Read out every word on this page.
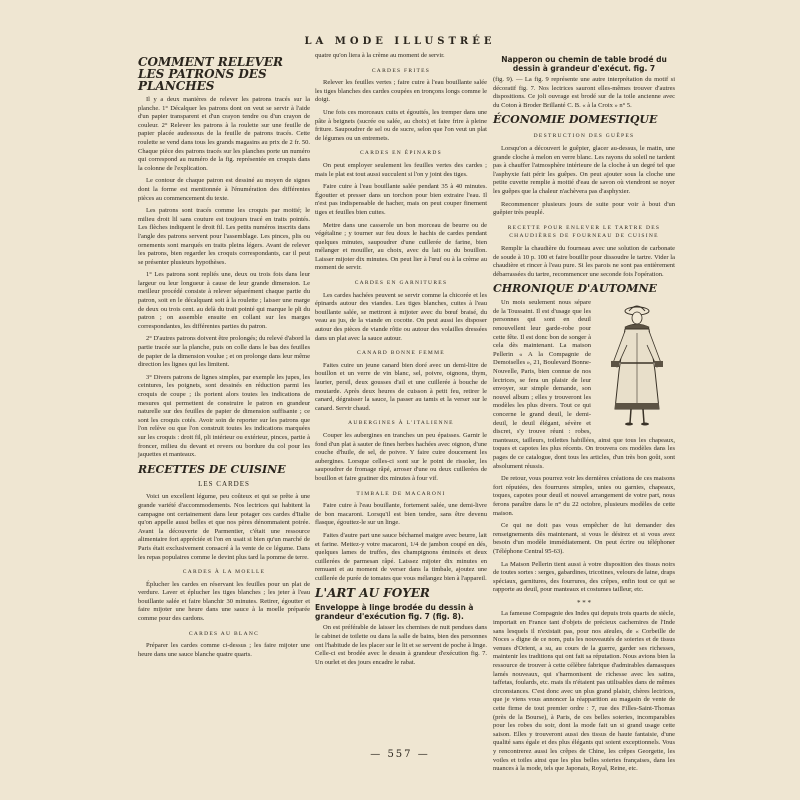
LA MODE ILLUSTRÉE
COMMENT RELEVER LES PATRONS DES PLANCHES

Il y a deux manières de relever les patrons tracés sur la planche. 1° Décalquer les patrons dont on veut se servir à l'aide d'un papier transparent et d'un crayon tendre ou d'un crayon de couleur. 2° Relever les patrons à la roulette sur une feuille de papier placée audessous de la feuille de patrons tracés. Cette roulette se vend dans tous les grands magasins au prix de 2 fr. 50. Chaque pièce des patrons tracés sur les planches porte un numéro qui correspond au numéro de la fig. représentée en croquis dans la colonne de l'explication.

Le contour de chaque patron est dessiné au moyen de signes dont la forme est mentionnée à l'énumération des différentes pièces au commencement du texte.

Les patrons sont tracés comme les croquis par moitié; le milieu droit lil sans couture est toujours tracé en traits pointés. Les flèches indiquent le droit fil. Les petits numéros inscrits dans l'angle des patrons servent pour l'assemblage. Les pinces, plis ou ornements sont marqués en traits pleins légers. Avant de relever les patrons, bien regarder les croquis correspondants, car il peut se présenter plusieurs hypothèses.

1° Les patrons sont repliés une, deux ou trois fois dans leur largeur ou leur longueur à cause de leur grande dimension. Le meilleur procédé consiste à relever séparément chaque partie du patron, soit en le décalquant soit à la roulette ; laisser une marge de deux ou trois cent. au delà du trait pointé qui marque le pli du patron ; on assemble ensuite en collant sur les marges correspondantes, les différentes parties du patron.

2° D'autres patrons doivent être prolongés; du relevé d'abord la partie tracée sur la planche, puis on colle dans le bas des feuilles de papier de la dimension voulue ; et on prolonge dans leur même direction les lignes qui les limitent.

3° Divers patrons de lignes simples, par exemple les jupes, les ceintures, les poignets, sont dessinés en réduction parmi les croquis de coupe ; ils portent alors toutes les indications de mesures qui permettent de construire le patron en grandeur naturelle sur des feuilles de papier de dimension suffisante ; ce sont les croquis cotés. Avoir soin de reporter sur les patrons que l'on relève ou que l'on construit toutes les indications marquées sur les croquis : droit fil, pli intérieur ou extérieur, pinces, partie à froncer, milieu du devant et revers ou bordure du col pour les jaquettes et manteaux.

RECETTES DE CUISINE
LES CARDES

Voici un excellent légume, peu coûteux et qui se prête à une grande variété d'accommodements. Nos lectrices qui habitent la campagne ont certainement dans leur potager ces cardes d'Italie qu'on appelle aussi belles et que nos pères dénommaient poirée. Avant la découverte de Parmentier, c'était une ressource alimentaire fort appréciée et l'on en usait si bien qu'un marché de Paris était exclusivement consacré à la vente de ce légume. Dans les repas populaires comme le devint plus tard la pomme de terre.

CARDES À LA MOELLE

Éplucher les cardes en réservant les feuilles pour un plat de verdure. Laver et éplucher les tiges blanches ; les jeter à l'eau bouillante salée et faire blanchir 30 minutes. Retirer, égoutter et faire mijoter une heure dans une sauce à la moelle préparée comme pour des cardons.

CARDES AU BLANC

Préparer les cardes comme ci-dessus ; les faire mijoter une heure dans une sauce blanche quatre quarts.

quatre qu'on liera à la crème au moment de servir.

CARDES FRITES

Relever les feuilles vertes ; faire cuire à l'eau bouillante salée les tiges blanches des cardes coupées en tronçons longs comme le doigt.

Une fois ces morceaux cuits et égouttés, les tremper dans une pâte à beignets (sucrée ou salée, au choix) et faire frire à pleine friture. Saupoudrer de sel ou de sucre, selon que l'on veut un plat de légumes ou un entremets.

CARDES EN ÉPINARDS

On peut employer seulement les feuilles vertes des cardes ; mais le plat est tout aussi succulent si l'on y joint des tiges.

Faire cuire à l'eau bouillante salée pendant 35 à 40 minutes. Égoutter et presser dans un torchon pour bien extraire l'eau. Il n'est pas indispensable de hacher, mais on peut couper finement tiges et feuilles bien cuites.

Mettre dans une casserole un bon morceau de beurre ou de végétaline ; y tourner sur feu doux le hachis de cardes pendant quelques minutes, saupoudrer d'une cuillerée de farine, bien mélanger et mouiller, au choix, avec du lait ou du bouillon. Laisser mijoter dix minutes. On peut lier à l'œuf ou à la crème au moment de servir.

CARDES EN GARNITURES

Les cardes hachées peuvent se servir comme la chicorée et les épinards autour des viandes. Les tiges blanches, cuites à l'eau bouillante salée, se mettront à mijoter avec du bœuf braisé, du veau au jus, de la viande en cocotte. On peut aussi les disposer autour des pièces de viande rôtie ou autour des volailles dressées dans un plat avec la sauce autour.

CANARD BONNE FEMME

Faites cuire un jeune canard bien doré avec un demi-litre de bouillon et un verre de vin blanc, sel, poivre, oignons, thym, laurier, persil, deux gousses d'ail et une cuillerée à bouche de moutarde. Après deux heures de cuisson à petit feu, retirer le canard, dégraisser la sauce, la passer au tamis et la verser sur le canard. Servir chaud.

AUBERGINES À L'ITALIENNE

Couper les aubergines en tranches un peu épaisses. Garnir le fond d'un plat à sauter de fines herbes hachées avec oignon, d'une couche d'huile, de sel, de poivre. Y faire cuire doucement les aubergines. Lorsque celles-ci sont sur le point de rissoler, les saupoudrer de fromage râpé, arroser d'une ou deux cuillerées de bouillon et faire gratiner dix minutes à four vif.

TIMBALE DE MACARONI

Faire cuire à l'eau bouillante, fortement salée, une demi-livre de bon macaroni. Lorsqu'il est bien tendre, sans être devenu flasque, égouttez-le sur un linge.

Faites d'autre part une sauce béchamel maigre avec beurre, lait et farine. Mettez-y votre macaroni, 1/4 de jambon coupé en dés, quelques lames de truffes, des champignons émincés et deux cuillerées de parmesan râpé. Laissez mijoter dix minutes en remuant et au moment de verser dans la timbale, ajoutez une cuillerée de purée de tomates que vous mélangez bien à l'appareil.

L'ART AU FOYER
Enveloppe à linge brodée du dessin à grandeur d'exécution fig. 7 (fig. 8).

On est préférable de laisser les chemises de nuit pendues dans le cabinet de toilette ou dans la salle de bains, bien des personnes ont l'habitude de les placer sur le lit et se servent de poche à linge. Celle-ci est brodée avec le dessin à grandeur d'exécution fig. 7. Un ourlet et des jours encadre le rabat.

Napperon ou chemin de table brodé du dessin à grandeur d'exécut. fig. 7

(fig. 9). — La fig. 9 représente une autre interprétation du motif si décoratif fig. 7. Nos lectrices sauront elles-mêmes trouver d'autres dispositions. Ce joli ouvrage est brodé sur de la toile ancienne avec du Coton à Broder Brillanté C. B. « à la Croix » n° 5.

ÉCONOMIE DOMESTIQUE
DESTRUCTION DES GUÊPES

Lorsqu'on a découvert le guêpier, glacer au-dessus, le matin, une grande cloche à melon en verre blanc. Les rayons du soleil ne tardent pas à chauffer l'atmosphère intérieure de la cloche à un degré tel que l'asphyxie fait périr les guêpes. On peut ajouter sous la cloche une petite cuvette remplie à moitié d'eau de savon où viendront se noyer les guêpes que la chaleur n'achèvera pas d'asphyxier.

Recommencer plusieurs jours de suite pour voir à bout d'un guêpier très peuplé.

RECETTE POUR ENLEVER LE TARTRE DES CHAUDIÈRES DE FOURNEAU DE CUISINE

Remplir la chaudière du fourneau avec une solution de carbonate de soude à 10 p. 100 et faire bouillir pour dissoudre le tartre. Vider la chaudière et rincer à l'eau pure. Si les parois ne sont pas entièrement débarrassées du tartre, recommencer une seconde fois l'opération.

CHRONIQUE D'AUTOMNE

Un mois seulement nous sépare de la Toussaint. Il est d'usage que les personnes qui sont en deuil renouvellent leur garde-robe pour cette fête. Il est donc bon de songer à cela dès maintenant. La maison Pellerin « A la Compagnie de Demoiselles », 21, Boulevard Bonne-Nouvelle, Paris, bien connue de nos lectrices, se fera un plaisir de leur envoyer, sur simple demande, son nouvel album ; elles y trouveront les modèles les plus divers. Tout ce qui concerne le grand deuil, le demi-deuil, le deuil élégant, sévère et discret, s'y trouve réuni : robes, manteaux, tailleurs, toilettes habillées, ainsi que tous les chapeaux, toques et capotes les plus récents. On trouvera ces modèles dans les pages de ce catalogue, dont tous les articles, d'un très bon goût, sont absolument réussis.

De retour, vous pourrez voir les dernières créations de ces maisons fort réputées, des fourrures simples, unies ou garnies, chapeaux, toques, capotes pour deuil et nouvel arrangement de votre part, nous ferons paraître dans le n° du 22 octobre, plusieurs modèles de cette maison.

Ce qui ne doit pas vous empêcher de lui demander des renseignements dès maintenant, si vous le désirez et si vous avez besoin d'un modèle immédiatement. On peut écrire ou téléphoner (Téléphone Central 95-63).

La Maison Pellerin tient aussi à votre disposition des tissus noirs de toutes sortes : serges, gabardines, tricotines, velours de laine, draps spéciaux, garnitures, des fourrures, des crêpes, enfin tout ce qui se rapporte au deuil, pour manteaux et costumes tailleur, etc.

* * *

La fameuse Compagnie des Indes qui depuis trois quarts de siècle, importait en France tant d'objets de précieux cachemires de l'Inde sans lesquels il n'existait pas, pour nos aïeules, de « Corbeille de Noces » digne de ce nom, puis les nouveautés de soieries et de tissus venues d'Orient, a su, au cours de la guerre, garder ses richesses, maintenir les traditions qui ont fait sa réputation. Nous avions bien la ressource de trouver à cette célèbre fabrique d'admirables damasques lamés nouveaux, qui s'harmonisent de richesse avec les satins, taffetas, foulards, etc. mais ils n'étaient pas utilisables dans de mêmes circonstances. C'est donc avec un plus grand plaisir, chères lectrices, que je viens vous annoncer la réapparition au magasin de vente de cette firme de tout premier ordre : 7, rue des Filles-Saint-Thomas (près de la Bourse), à Paris, de ces belles soieries, incomparables pour les robes du soir, dont la mode fait un si grand usage cette saison. Elles y trouveront aussi des tissus de haute fantaisie, d'une qualité sans égale et des plus élégants qui soient exceptionnels. Vous y rencontrerez aussi les crêpes de Chine, les crêpes Georgette, les voiles et toiles ainsi que les plus belles soieries françaises, dans les nuances à la mode, tels que Japonais, Royal, Reine, etc.

— 557 —
